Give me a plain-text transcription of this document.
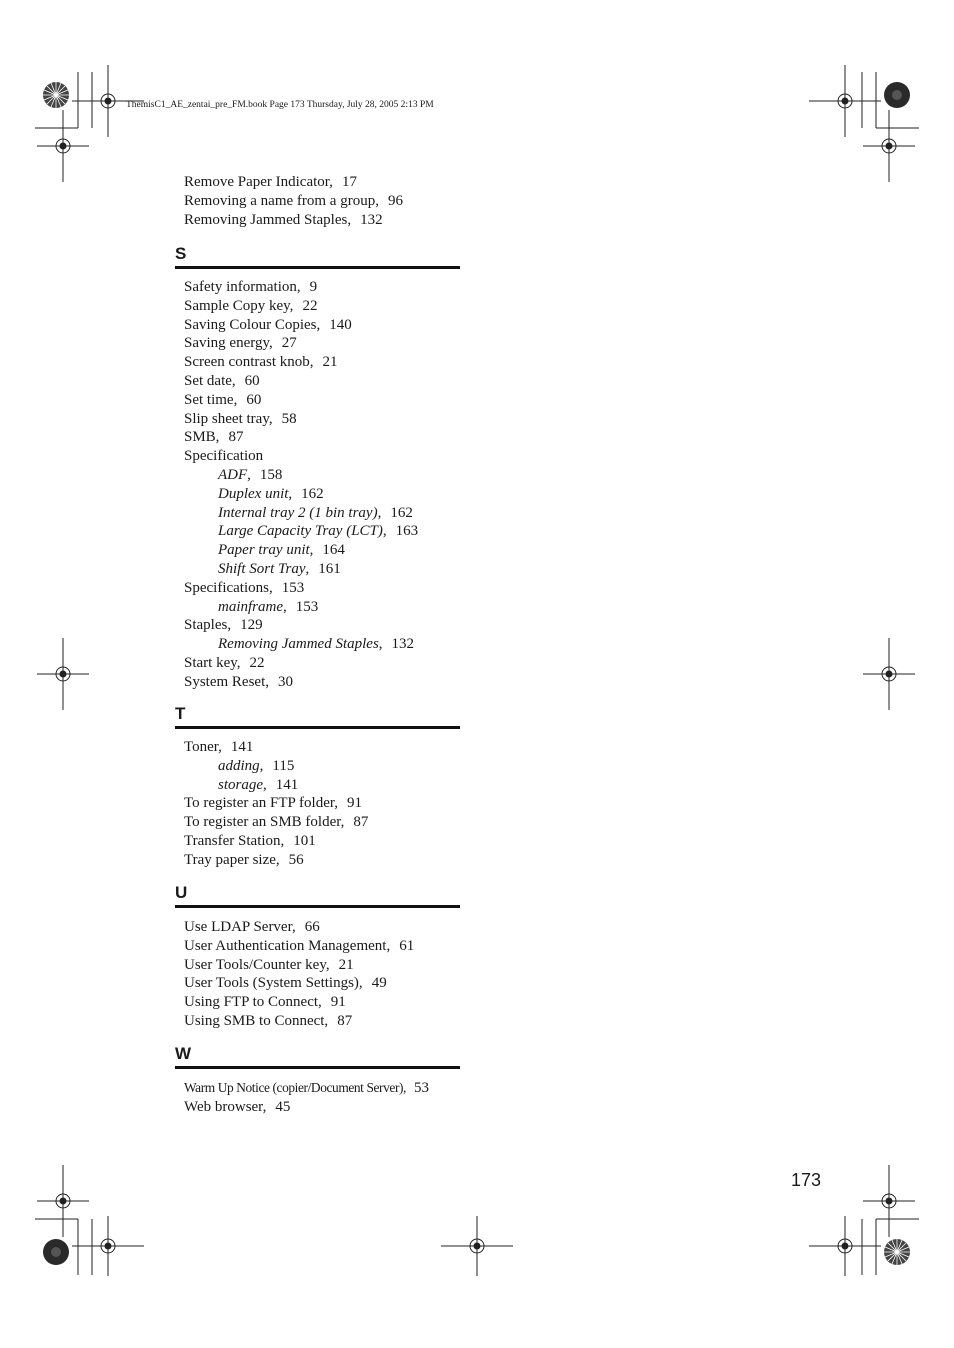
ThemisC1_AE_zentai_pre_FM.book Page 173 Thursday, July 28, 2005 2:13 PM
Remove Paper Indicator, 17
Removing a name from a group, 96
Removing Jammed Staples, 132
S
Safety information, 9
Sample Copy key, 22
Saving Colour Copies, 140
Saving energy, 27
Screen contrast knob, 21
Set date, 60
Set time, 60
Slip sheet tray, 58
SMB, 87
Specification
ADF, 158
Duplex unit, 162
Internal tray 2 (1 bin tray), 162
Large Capacity Tray (LCT), 163
Paper tray unit, 164
Shift Sort Tray, 161
Specifications, 153
mainframe, 153
Staples, 129
Removing Jammed Staples, 132
Start key, 22
System Reset, 30
T
Toner, 141
adding, 115
storage, 141
To register an FTP folder, 91
To register an SMB folder, 87
Transfer Station, 101
Tray paper size, 56
U
Use LDAP Server, 66
User Authentication Management, 61
User Tools/Counter key, 21
User Tools (System Settings), 49
Using FTP to Connect, 91
Using SMB to Connect, 87
W
Warm Up Notice (copier/Document Server), 53
Web browser, 45
173
